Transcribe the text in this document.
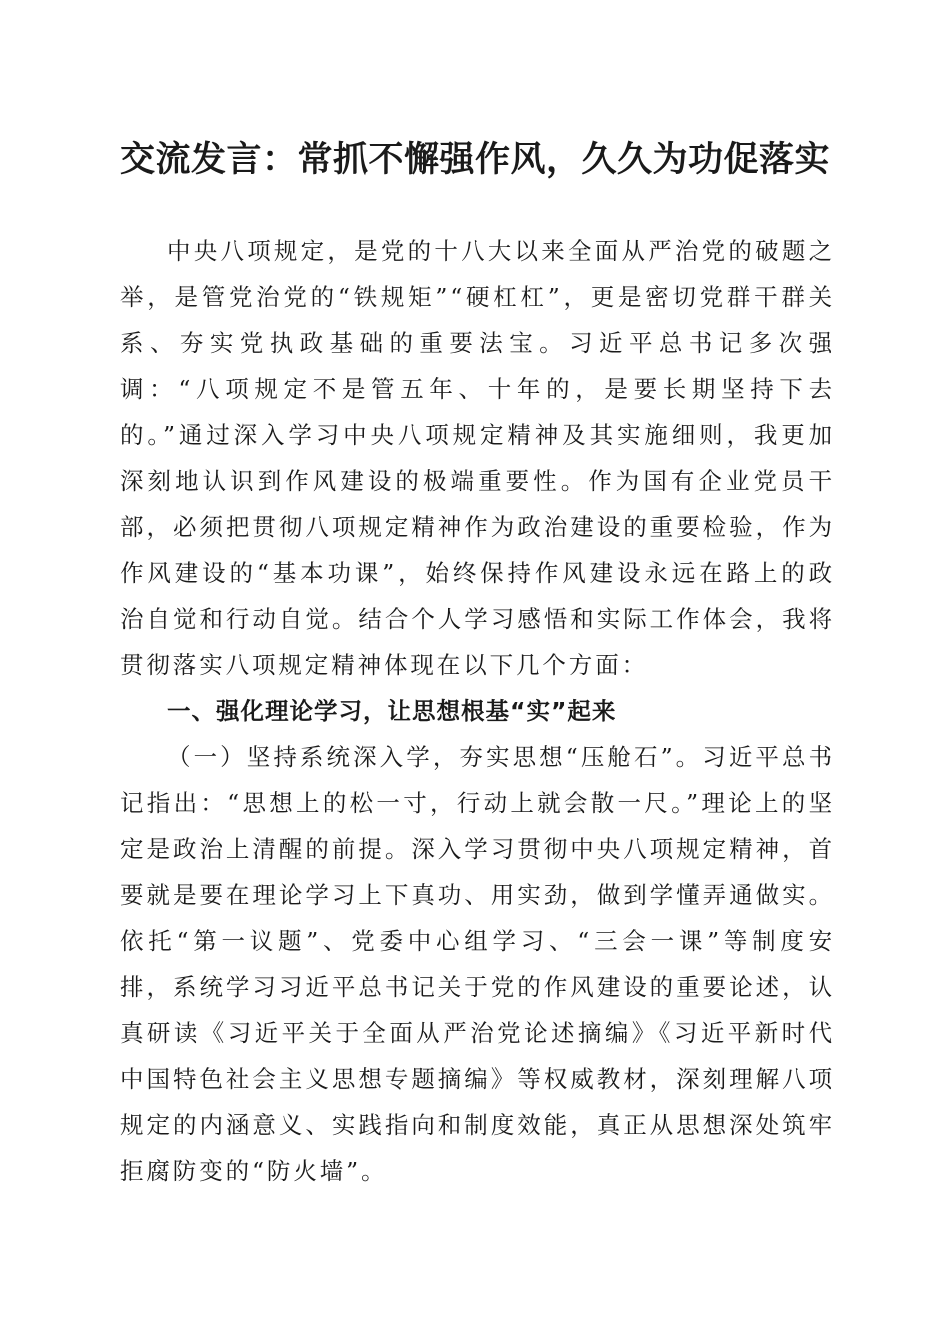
交流发言：常抓不懈强作风，久久为功促落实

中央八项规定，是党的十八大以来全面从严治党的破题之举，是管党治党的“铁规矩”“硬杠杠”，更是密切党群干群关系、夯实党执政基础的重要法宝。习近平总书记多次强调：“八项规定不是管五年、十年的，是要长期坚持下去的。”通过深入学习中央八项规定精神及其实施细则，我更加深刻地认识到作风建设的极端重要性。作为国有企业党员干部，必须把贯彻八项规定精神作为政治建设的重要检验，作为作风建设的“基本功课”，始终保持作风建设永远在路上的政治自觉和行动自觉。结合个人学习感悟和实际工作体会，我将贯彻落实八项规定精神体现在以下几个方面：

一、强化理论学习，让思想根基“实”起来

（一）坚持系统深入学，夯实思想“压舱石”。习近平总书记指出：“思想上的松一寸，行动上就会散一尺。”理论上的坚定是政治上清醒的前提。深入学习贯彻中央八项规定精神，首要就是要在理论学习上下真功、用实劲，做到学懂弄通做实。依托“第一议题”、党委中心组学习、“三会一课”等制度安排，系统学习习近平总书记关于党的作风建设的重要论述，认真研读《习近平关于全面从严治党论述摘编》《习近平新时代中国特色社会主义思想专题摘编》等权威教材，深刻理解八项规定的内涵意义、实践指向和制度效能，真正从思想深处筑牢拒腐防变的“防火墙”。
